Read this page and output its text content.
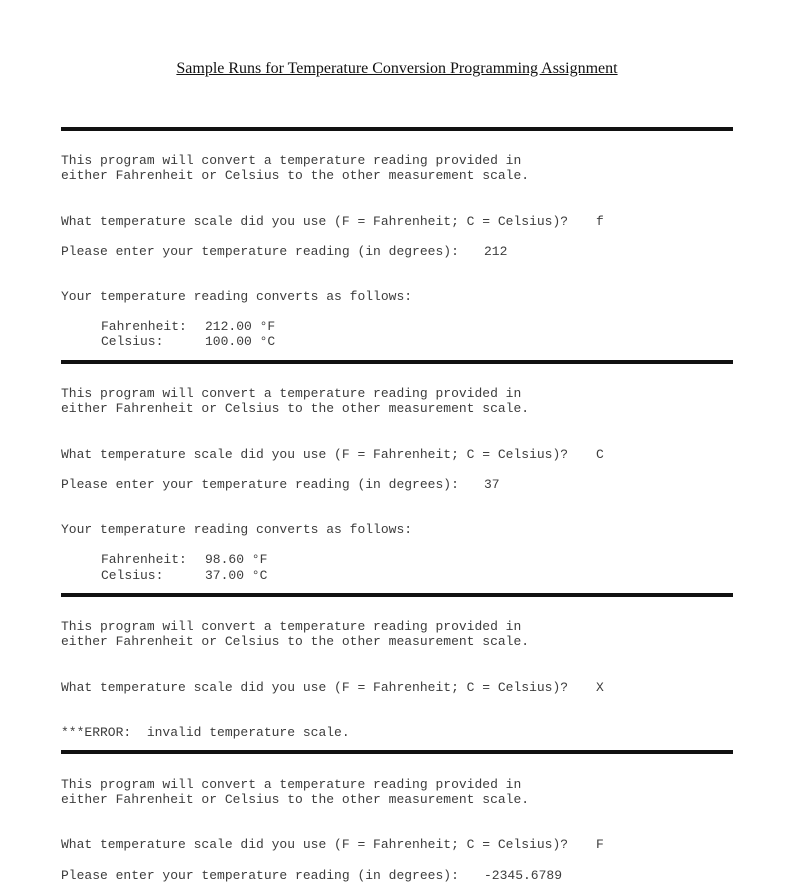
Sample Runs for Temperature Conversion Programming Assignment
This program will convert a temperature reading provided in
either Fahrenheit or Celsius to the other measurement scale.
What temperature scale did you use (F = Fahrenheit; C = Celsius)? f
Please enter your temperature reading (in degrees): 212
Your temperature reading converts as follows:
Fahrenheit: 212.00 °F
Celsius:	100.00 °C
This program will convert a temperature reading provided in
either Fahrenheit or Celsius to the other measurement scale.
What temperature scale did you use (F = Fahrenheit; C = Celsius)? C
Please enter your temperature reading (in degrees): 37
Your temperature reading converts as follows:
Fahrenheit: 98.60 °F
Celsius:	37.00 °C
This program will convert a temperature reading provided in
either Fahrenheit or Celsius to the other measurement scale.
What temperature scale did you use (F = Fahrenheit; C = Celsius)? X
***ERROR:  invalid temperature scale.
This program will convert a temperature reading provided in
either Fahrenheit or Celsius to the other measurement scale.
What temperature scale did you use (F = Fahrenheit; C = Celsius)? F
Please enter your temperature reading (in degrees): -2345.6789
